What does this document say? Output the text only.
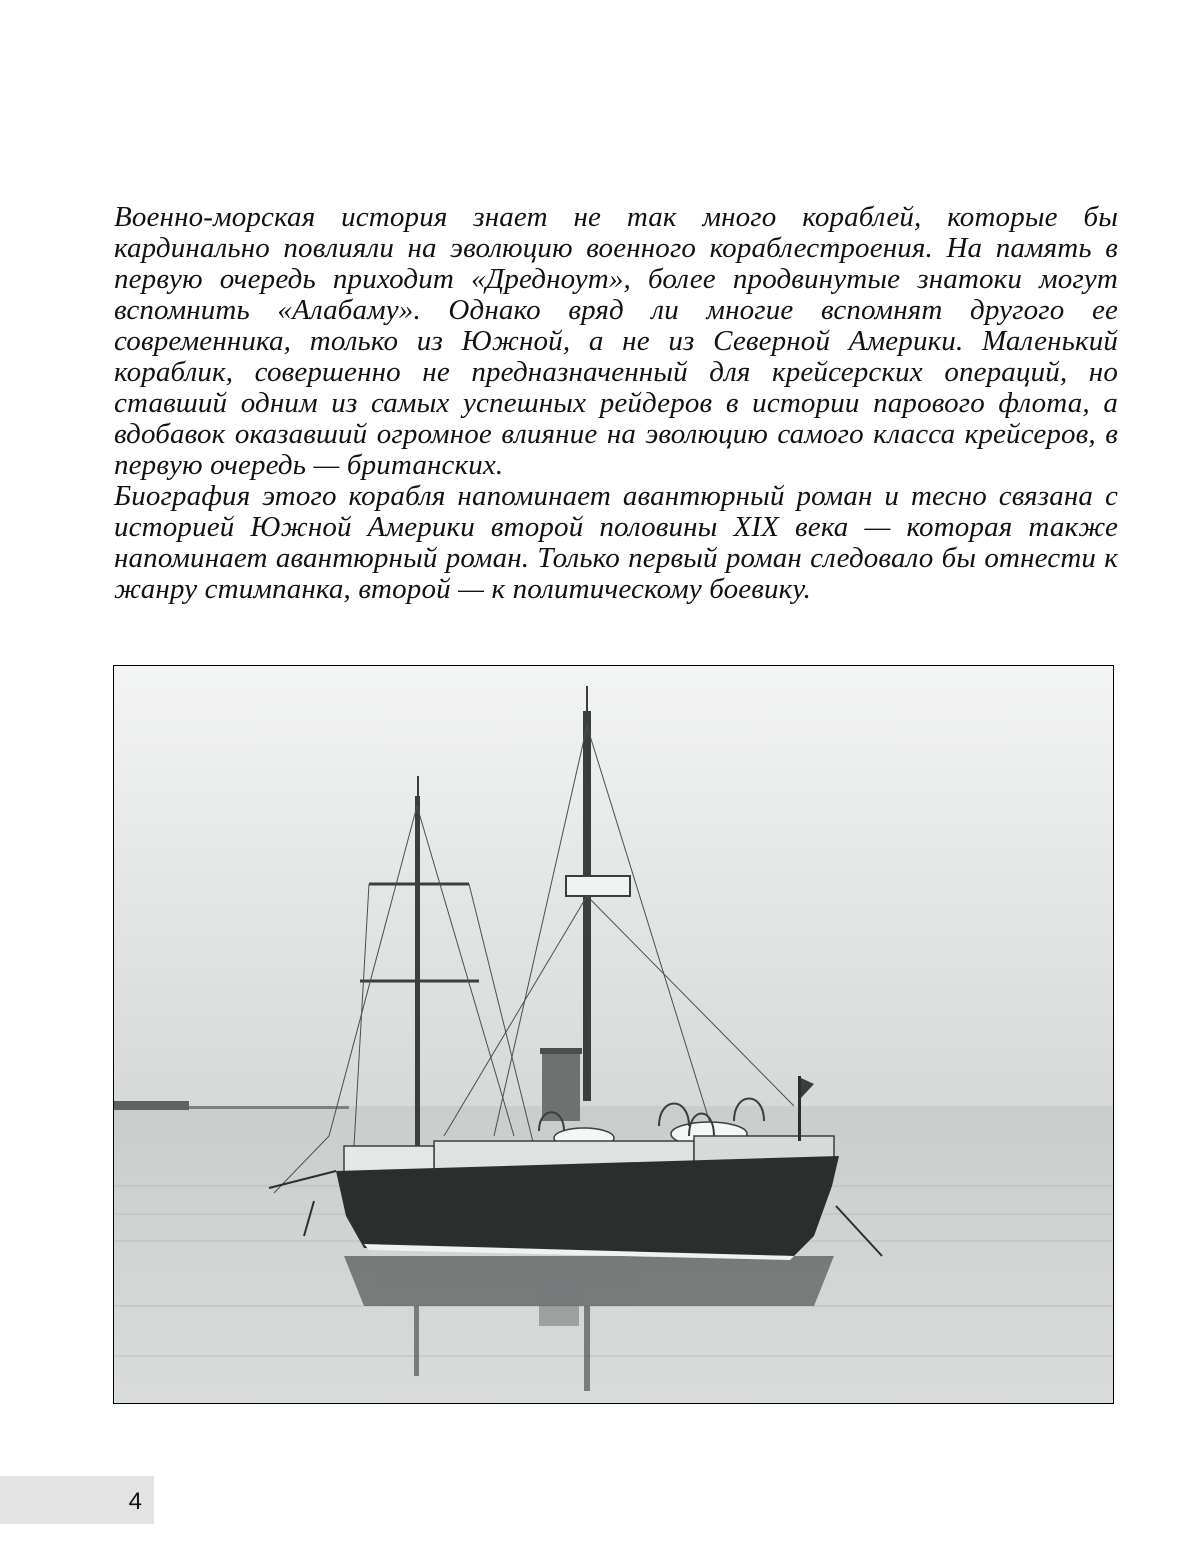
Военно-морская история знает не так много кораблей, которые бы кардинально повлияли на эволюцию военного кораблестроения. На память в первую очередь приходит «Дредноут», более продвинутые знатоки могут вспомнить «Алабаму». Однако вряд ли многие вспомнят другого ее современника, только из Южной, а не из Северной Америки. Маленький кораблик, совершенно не предназначенный для крейсерских операций, но ставший одним из самых успешных рейдеров в истории парового флота, а вдобавок оказавший огромное влияние на эволюцию самого класса крейсеров, в первую очередь — британских.

Биография этого корабля напоминает авантюрный роман и тесно связана с историей Южной Америки второй половины XIX века — которая также напоминает авантюрный роман. Только первый роман следовало бы отнести к жанру стимпанка, второй — к политическому боевику.

4
